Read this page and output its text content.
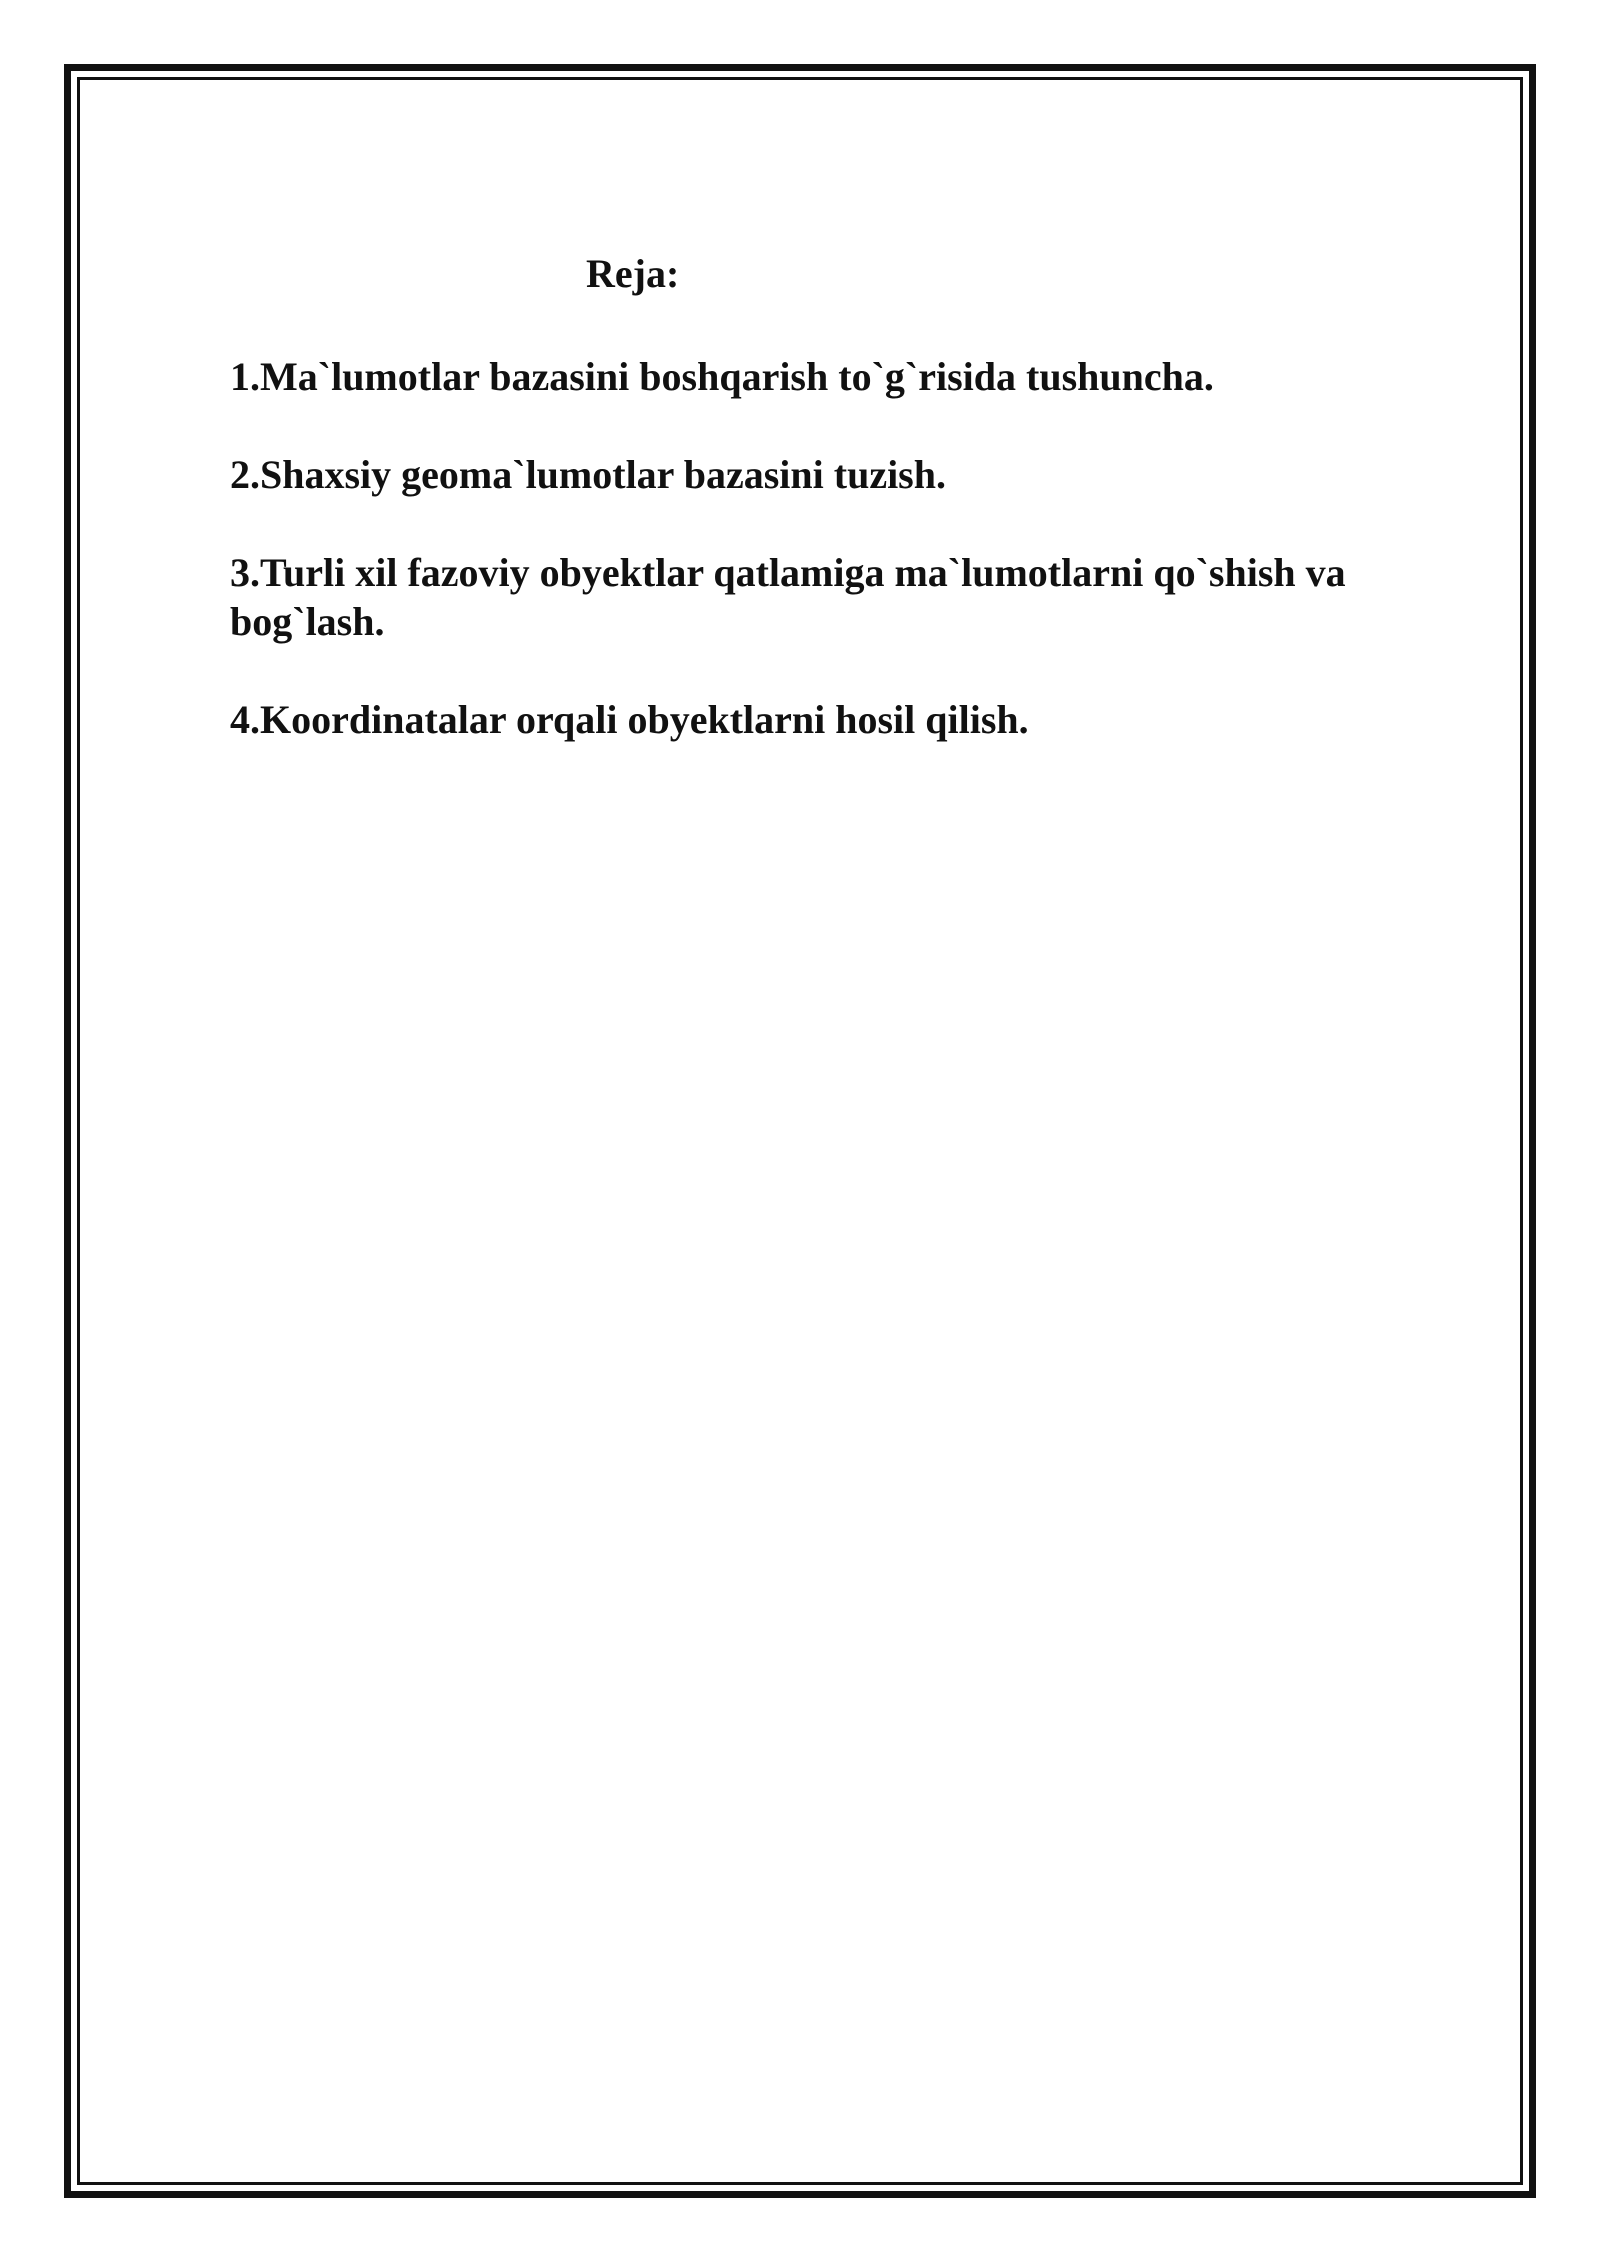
Reja:
1.Ma`lumotlar bazasini boshqarish to`g`risida tushuncha.
2.Shaxsiy geoma`lumotlar bazasini tuzish.
3.Turli xil fazoviy obyektlar qatlamiga ma`lumotlarni qo`shish va bog`lash.
4.Koordinatalar orqali obyektlarni hosil qilish.
